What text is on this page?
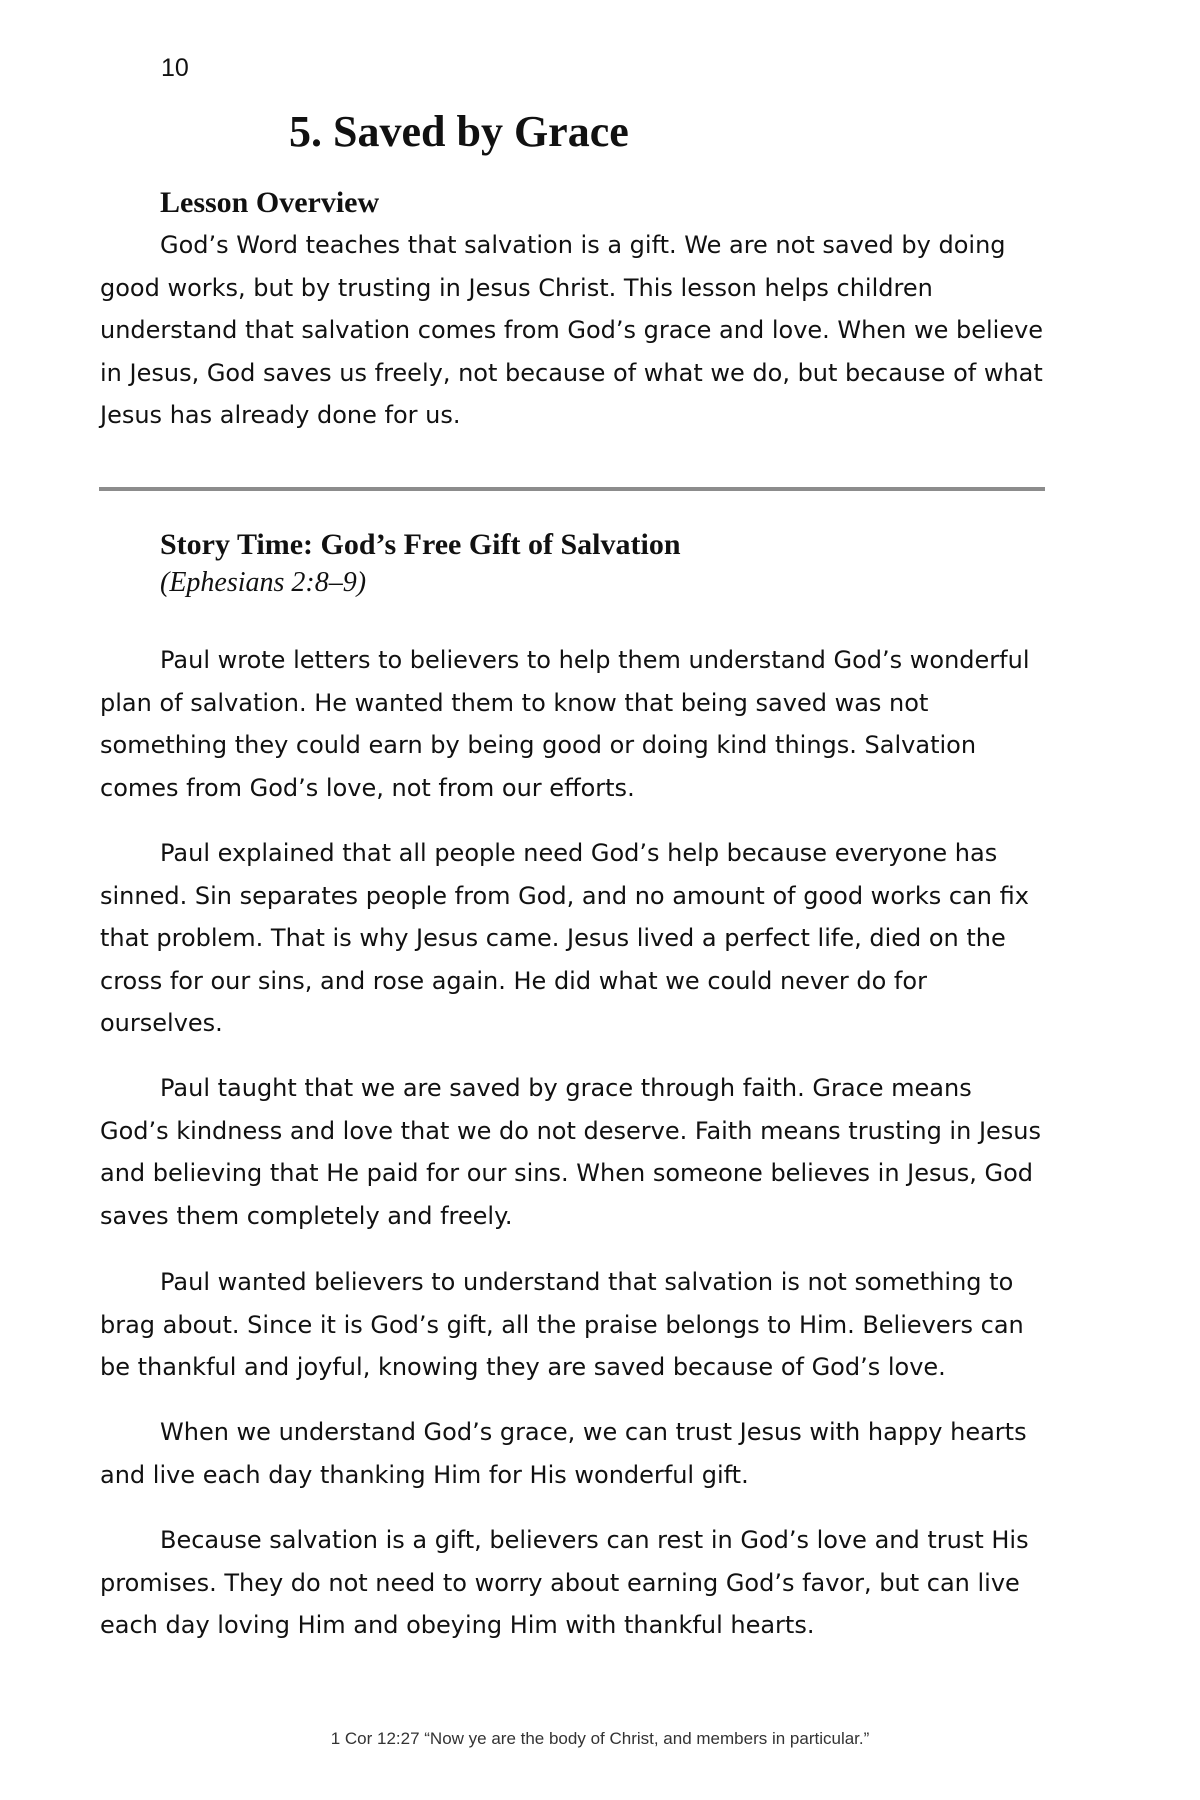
10
5. Saved by Grace
Lesson Overview

God’s Word teaches that salvation is a gift. We are not saved by doing good works, but by trusting in Jesus Christ. This lesson helps children understand that salvation comes from God’s grace and love. When we believe in Jesus, God saves us freely, not because of what we do, but because of what Jesus has already done for us.

Story Time: God’s Free Gift of Salvation
(Ephesians 2:8–9)

Paul wrote letters to believers to help them understand God’s wonderful plan of salvation. He wanted them to know that being saved was not something they could earn by being good or doing kind things. Salvation comes from God’s love, not from our efforts.

Paul explained that all people need God’s help because everyone has sinned. Sin separates people from God, and no amount of good works can fix that problem. That is why Jesus came. Jesus lived a perfect life, died on the cross for our sins, and rose again. He did what we could never do for ourselves.

Paul taught that we are saved by grace through faith. Grace means God’s kindness and love that we do not deserve. Faith means trusting in Jesus and believing that He paid for our sins. When someone believes in Jesus, God saves them completely and freely.

Paul wanted believers to understand that salvation is not something to brag about. Since it is God’s gift, all the praise belongs to Him. Believers can be thankful and joyful, knowing they are saved because of God’s love.

When we understand God’s grace, we can trust Jesus with happy hearts and live each day thanking Him for His wonderful gift.

Because salvation is a gift, believers can rest in God’s love and trust His promises. They do not need to worry about earning God’s favor, but can live each day loving Him and obeying Him with thankful hearts.

1 Cor 12:27 “Now ye are the body of Christ, and members in particular.”
